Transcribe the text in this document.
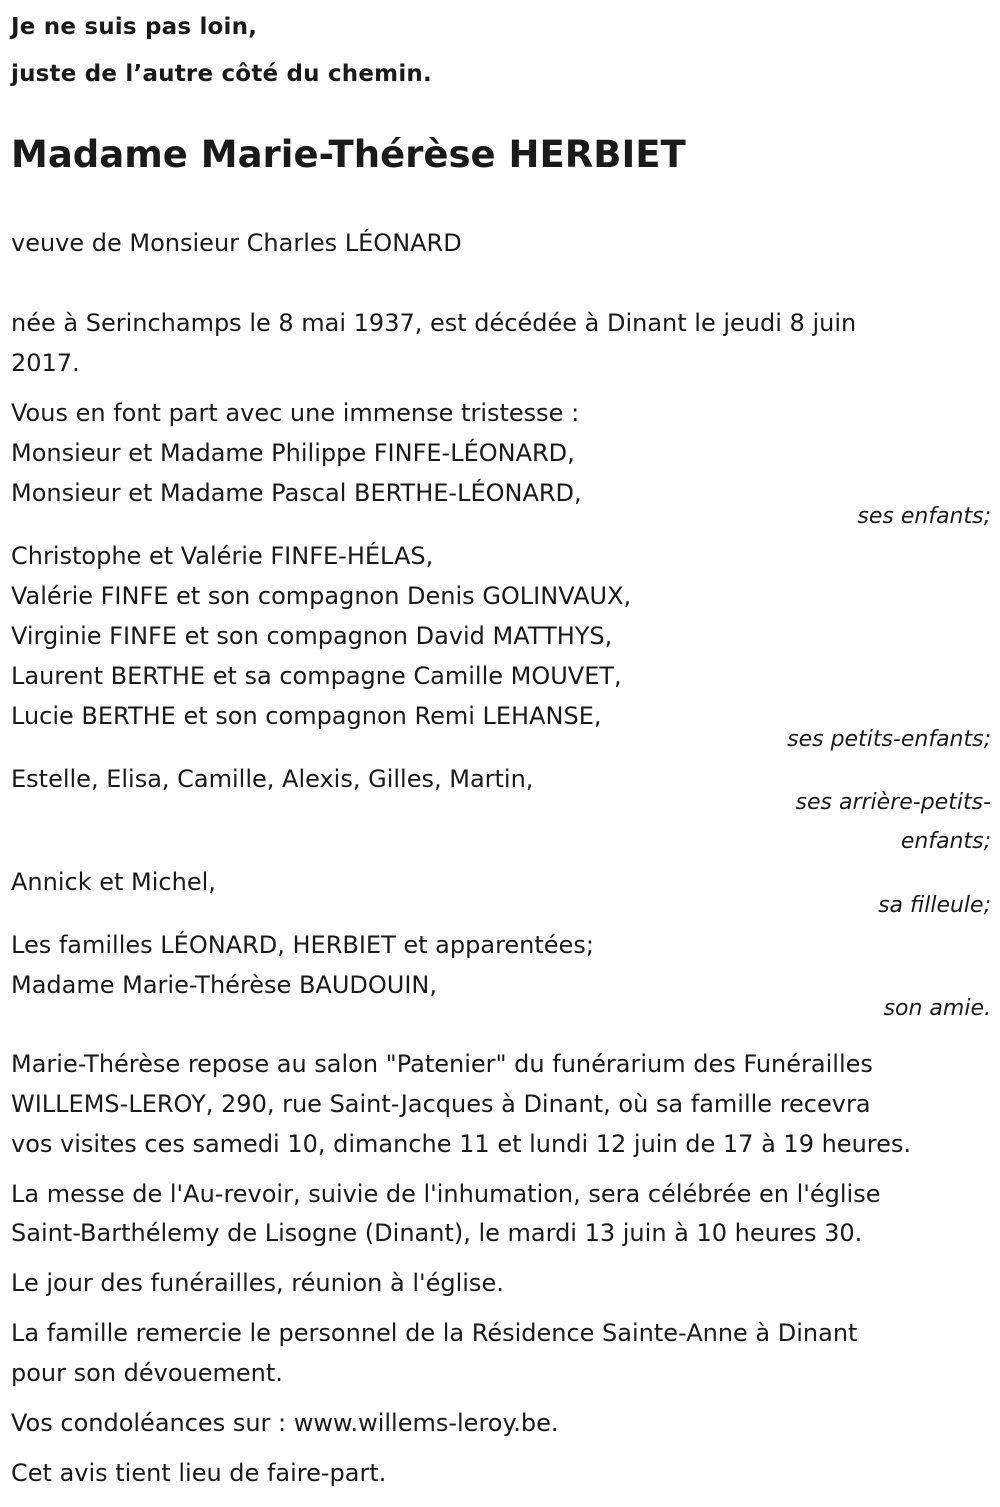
Je ne suis pas loin,
juste de l’autre côté du chemin.
Madame Marie-Thérèse HERBIET
veuve de Monsieur Charles LÉONARD
née à Serinchamps le 8 mai 1937, est décédée à Dinant le jeudi 8 juin
2017.
Vous en font part avec une immense tristesse :
Monsieur et Madame Philippe FINFE-LÉONARD,
Monsieur et Madame Pascal BERTHE-LÉONARD,
ses enfants;
Christophe et Valérie FINFE-HÉLAS,
Valérie FINFE et son compagnon Denis GOLINVAUX,
Virginie FINFE et son compagnon David MATTHYS,
Laurent BERTHE et sa compagne Camille MOUVET,
Lucie BERTHE et son compagnon Remi LEHANSE,
ses petits-enfants;
Estelle, Elisa, Camille, Alexis, Gilles, Martin,
ses arrière-petits-
enfants;
Annick et Michel,
sa filleule;
Les familles LÉONARD, HERBIET et apparentées;
Madame Marie-Thérèse BAUDOUIN,
son amie.
Marie-Thérèse repose au salon "Patenier" du funérarium des Funérailles
WILLEMS-LEROY, 290, rue Saint-Jacques à Dinant, où sa famille recevra
vos visites ces samedi 10, dimanche 11 et lundi 12 juin de 17 à 19 heures.
La messe de l'Au-revoir, suivie de l'inhumation, sera célébrée en l'église
Saint-Barthélemy de Lisogne (Dinant), le mardi 13 juin à 10 heures 30.
Le jour des funérailles, réunion à l'église.
La famille remercie le personnel de la Résidence Sainte-Anne à Dinant
pour son dévouement.
Vos condoléances sur : www.willems-leroy.be.
Cet avis tient lieu de faire-part.
